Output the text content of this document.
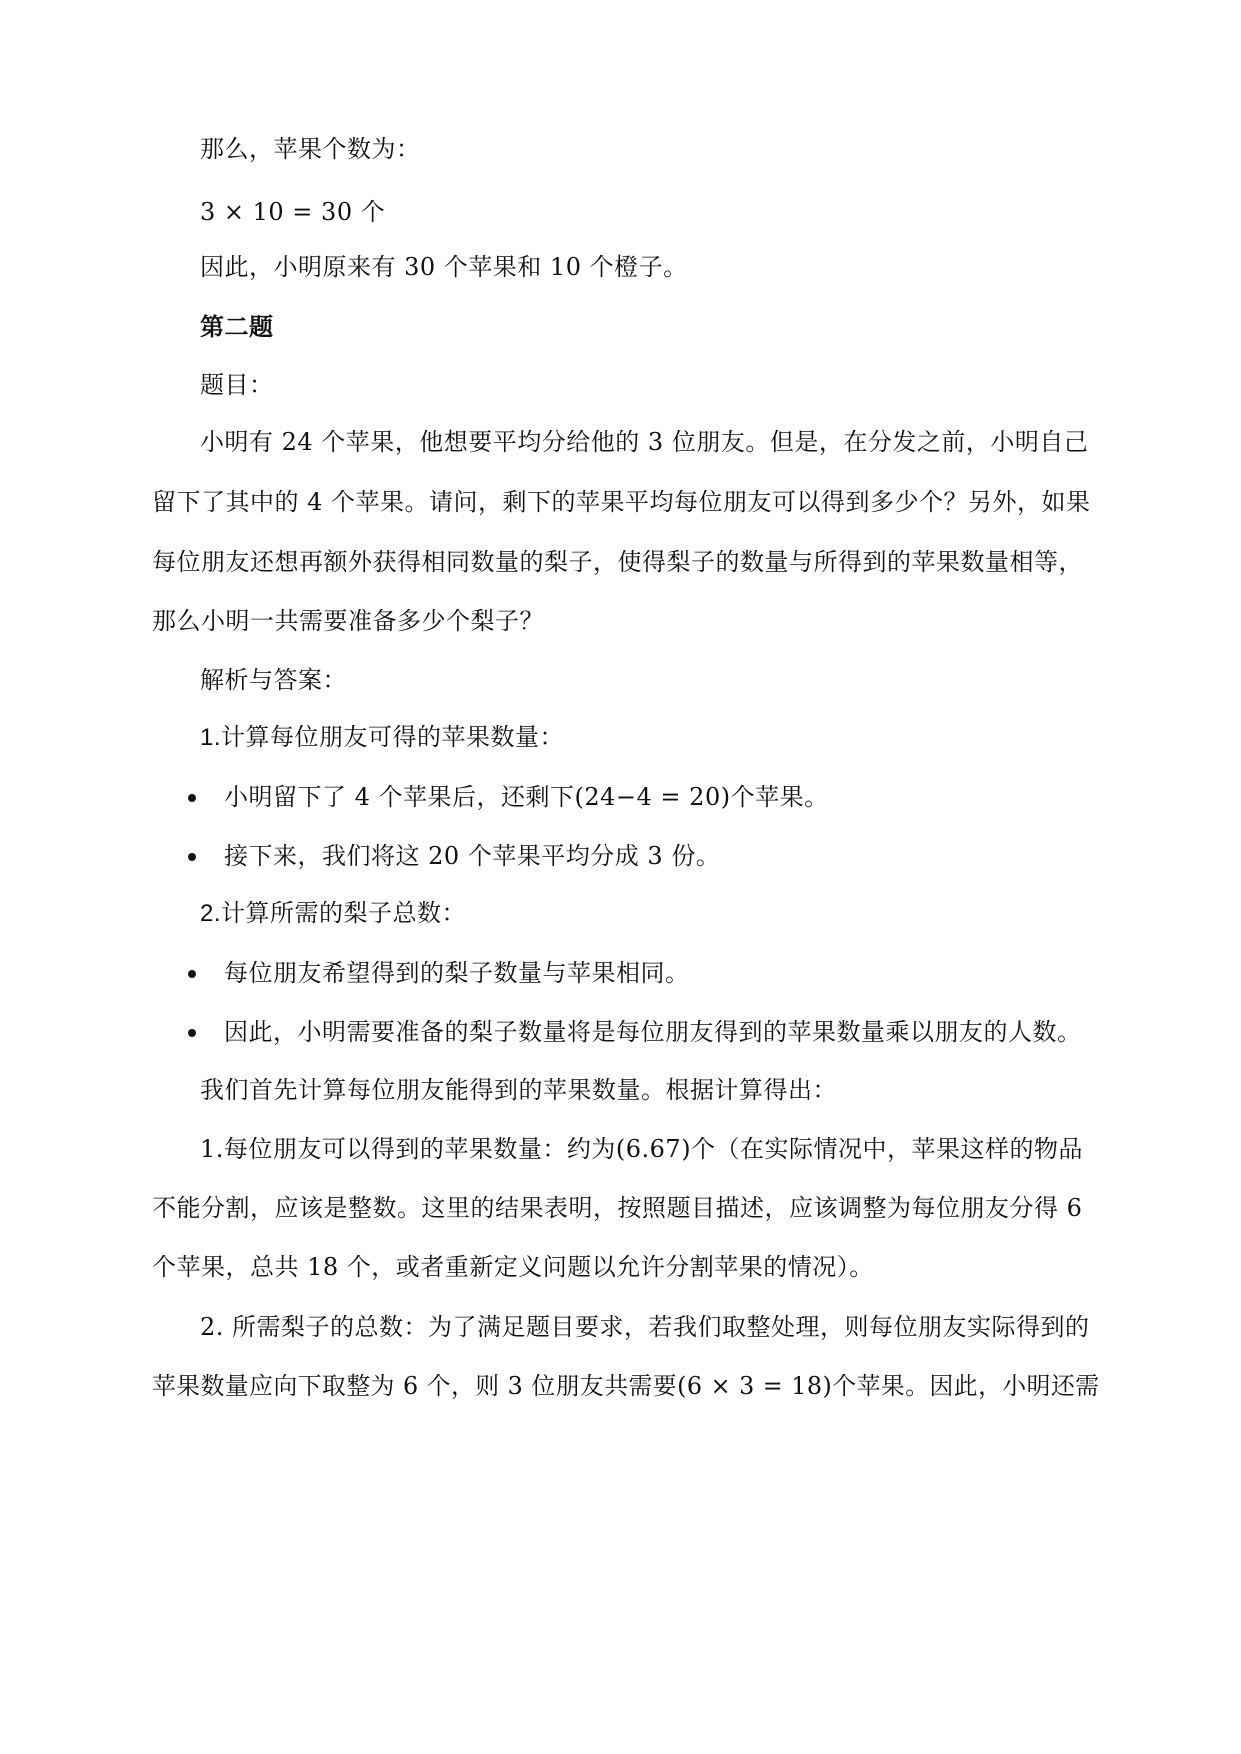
那么，苹果个数为：
3 × 10 = 30 个
因此，小明原来有 30 个苹果和 10 个橙子。
第二题
题目：
小明有 24 个苹果，他想要平均分给他的 3 位朋友。但是，在分发之前，小明自己
留下了其中的 4 个苹果。请问，剩下的苹果平均每位朋友可以得到多少个？另外，如果
每位朋友还想再额外获得相同数量的梨子，使得梨子的数量与所得到的苹果数量相等，
那么小明一共需要准备多少个梨子？
解析与答案：
1.计算每位朋友可得的苹果数量：
小明留下了 4 个苹果后，还剩下(24−4 = 20)个苹果。
接下来，我们将这 20 个苹果平均分成 3 份。
2.计算所需的梨子总数：
每位朋友希望得到的梨子数量与苹果相同。
因此，小明需要准备的梨子数量将是每位朋友得到的苹果数量乘以朋友的人数。
我们首先计算每位朋友能得到的苹果数量。根据计算得出：
1.每位朋友可以得到的苹果数量：约为(6.67)个（在实际情况中，苹果这样的物品
不能分割，应该是整数。这里的结果表明，按照题目描述，应该调整为每位朋友分得 6
个苹果，总共 18 个，或者重新定义问题以允许分割苹果的情况）。
2. 所需梨子的总数：为了满足题目要求，若我们取整处理，则每位朋友实际得到的
苹果数量应向下取整为 6 个，则 3 位朋友共需要(6 × 3 = 18)个苹果。因此，小明还需
